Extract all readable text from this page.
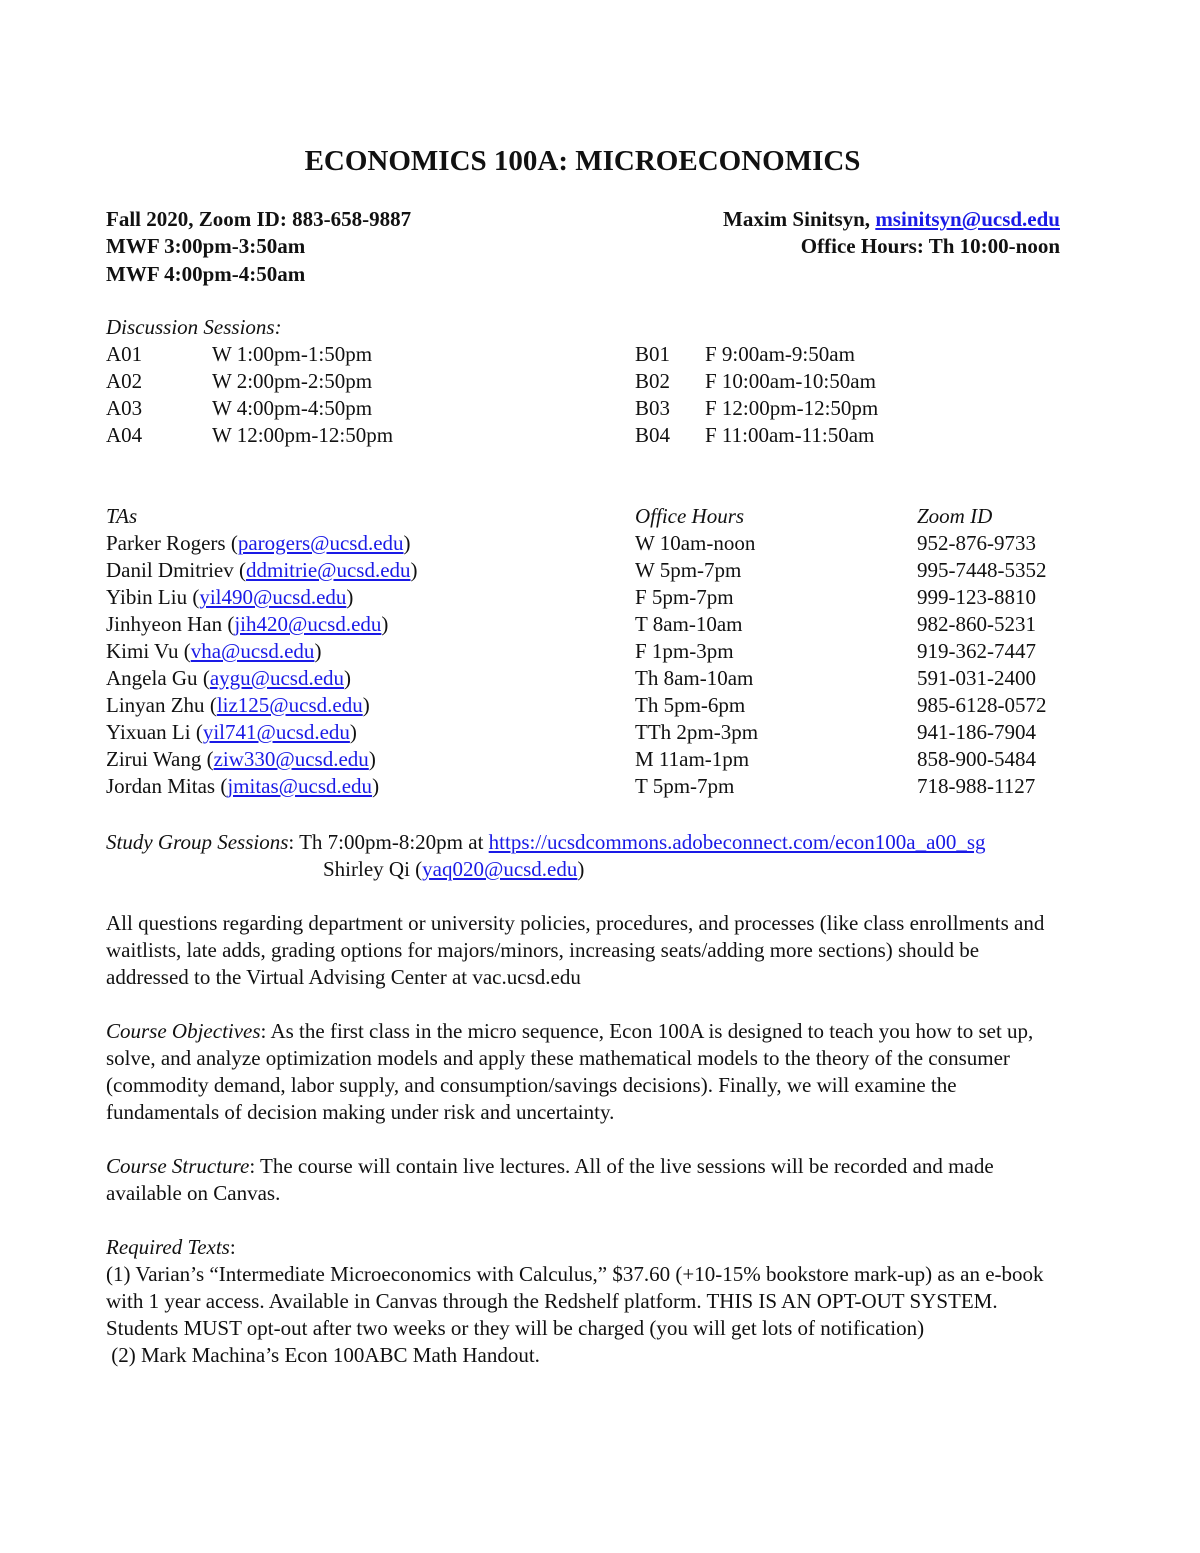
ECONOMICS 100A: MICROECONOMICS
Fall 2020, Zoom ID: 883-658-9887
MWF 3:00pm-3:50am
MWF 4:00pm-4:50am
Maxim Sinitsyn, msinitsyn@ucsd.edu
Office Hours: Th 10:00-noon
Discussion Sessions:
A01	W 1:00pm-1:50pm
A02	W 2:00pm-2:50pm
A03	W 4:00pm-4:50pm
A04	W 12:00pm-12:50pm
B01 F 9:00am-9:50am
B02 F 10:00am-10:50am
B03 F 12:00pm-12:50pm
B04 F 11:00am-11:50am
TAs	Office Hours	Zoom ID
Parker Rogers (parogers@ucsd.edu)	W 10am-noon	952-876-9733
Danil Dmitriev (ddmitrie@ucsd.edu)	W 5pm-7pm	995-7448-5352
Yibin Liu (yil490@ucsd.edu)	F 5pm-7pm	999-123-8810
Jinhyeon Han (jih420@ucsd.edu)	T 8am-10am	982-860-5231
Kimi Vu (vha@ucsd.edu)	F 1pm-3pm	919-362-7447
Angela Gu (aygu@ucsd.edu)	Th 8am-10am	591-031-2400
Linyan Zhu (liz125@ucsd.edu)	Th 5pm-6pm	985-6128-0572
Yixuan Li (yil741@ucsd.edu)	TTh 2pm-3pm	941-186-7904
Zirui Wang (ziw330@ucsd.edu)	M 11am-1pm	858-900-5484
Jordan Mitas (jmitas@ucsd.edu)	T 5pm-7pm	718-988-1127
Study Group Sessions: Th 7:00pm-8:20pm at https://ucsdcommons.adobeconnect.com/econ100a_a00_sg
Shirley Qi (yaq020@ucsd.edu)
All questions regarding department or university policies, procedures, and processes (like class enrollments and waitlists, late adds, grading options for majors/minors, increasing seats/adding more sections) should be addressed to the Virtual Advising Center at vac.ucsd.edu
Course Objectives: As the first class in the micro sequence, Econ 100A is designed to teach you how to set up, solve, and analyze optimization models and apply these mathematical models to the theory of the consumer (commodity demand, labor supply, and consumption/savings decisions). Finally, we will examine the fundamentals of decision making under risk and uncertainty.
Course Structure: The course will contain live lectures. All of the live sessions will be recorded and made available on Canvas.
Required Texts:
(1) Varian’s “Intermediate Microeconomics with Calculus,” $37.60 (+10-15% bookstore mark-up) as an e-book with 1 year access. Available in Canvas through the Redshelf platform. THIS IS AN OPT-OUT SYSTEM. Students MUST opt-out after two weeks or they will be charged (you will get lots of notification)
(2) Mark Machina’s Econ 100ABC Math Handout.
